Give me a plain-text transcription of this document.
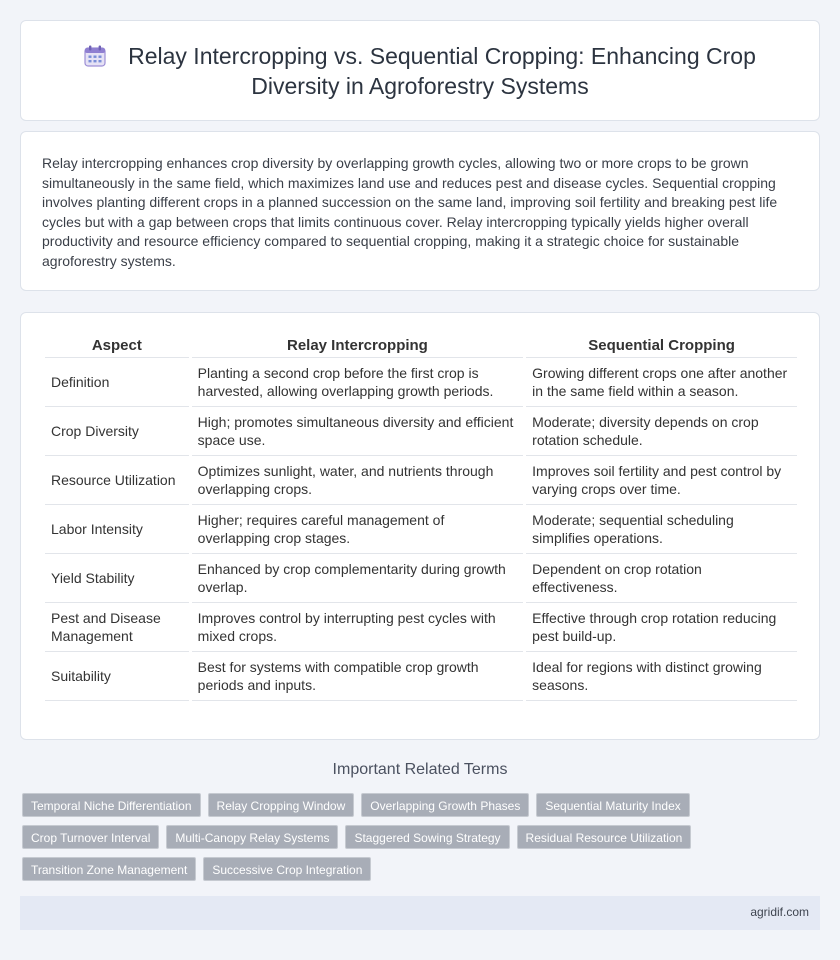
Relay Intercropping vs. Sequential Cropping: Enhancing Crop
Diversity in Agroforestry Systems

Relay intercropping enhances crop diversity by overlapping growth cycles, allowing two or more crops to be grown simultaneously in the same field, which maximizes land use and reduces pest and disease cycles. Sequential cropping involves planting different crops in a planned succession on the same land, improving soil fertility and breaking pest life cycles but with a gap between crops that limits continuous cover. Relay intercropping typically yields higher overall productivity and resource efficiency compared to sequential cropping, making it a strategic choice for sustainable agroforestry systems.

Aspect	Relay Intercropping	Sequential Cropping
Definition	Planting a second crop before the first crop is harvested, allowing overlapping growth periods.	Growing different crops one after another in the same field within a season.
Crop Diversity	High; promotes simultaneous diversity and efficient space use.	Moderate; diversity depends on crop rotation schedule.
Resource Utilization	Optimizes sunlight, water, and nutrients through overlapping crops.	Improves soil fertility and pest control by varying crops over time.
Labor Intensity	Higher; requires careful management of overlapping crop stages.	Moderate; sequential scheduling simplifies operations.
Yield Stability	Enhanced by crop complementarity during growth overlap.	Dependent on crop rotation effectiveness.
Pest and Disease Management	Improves control by interrupting pest cycles with mixed crops.	Effective through crop rotation reducing pest build-up.
Suitability	Best for systems with compatible crop growth periods and inputs.	Ideal for regions with distinct growing seasons.
Important Related Terms
Temporal Niche Differentiation	Relay Cropping Window	Overlapping Growth Phases	Sequential Maturity Index
Crop Turnover Interval	Multi-Canopy Relay Systems	Staggered Sowing Strategy	Residual Resource Utilization
Transition Zone Management	Successive Crop Integration
agridif.com
